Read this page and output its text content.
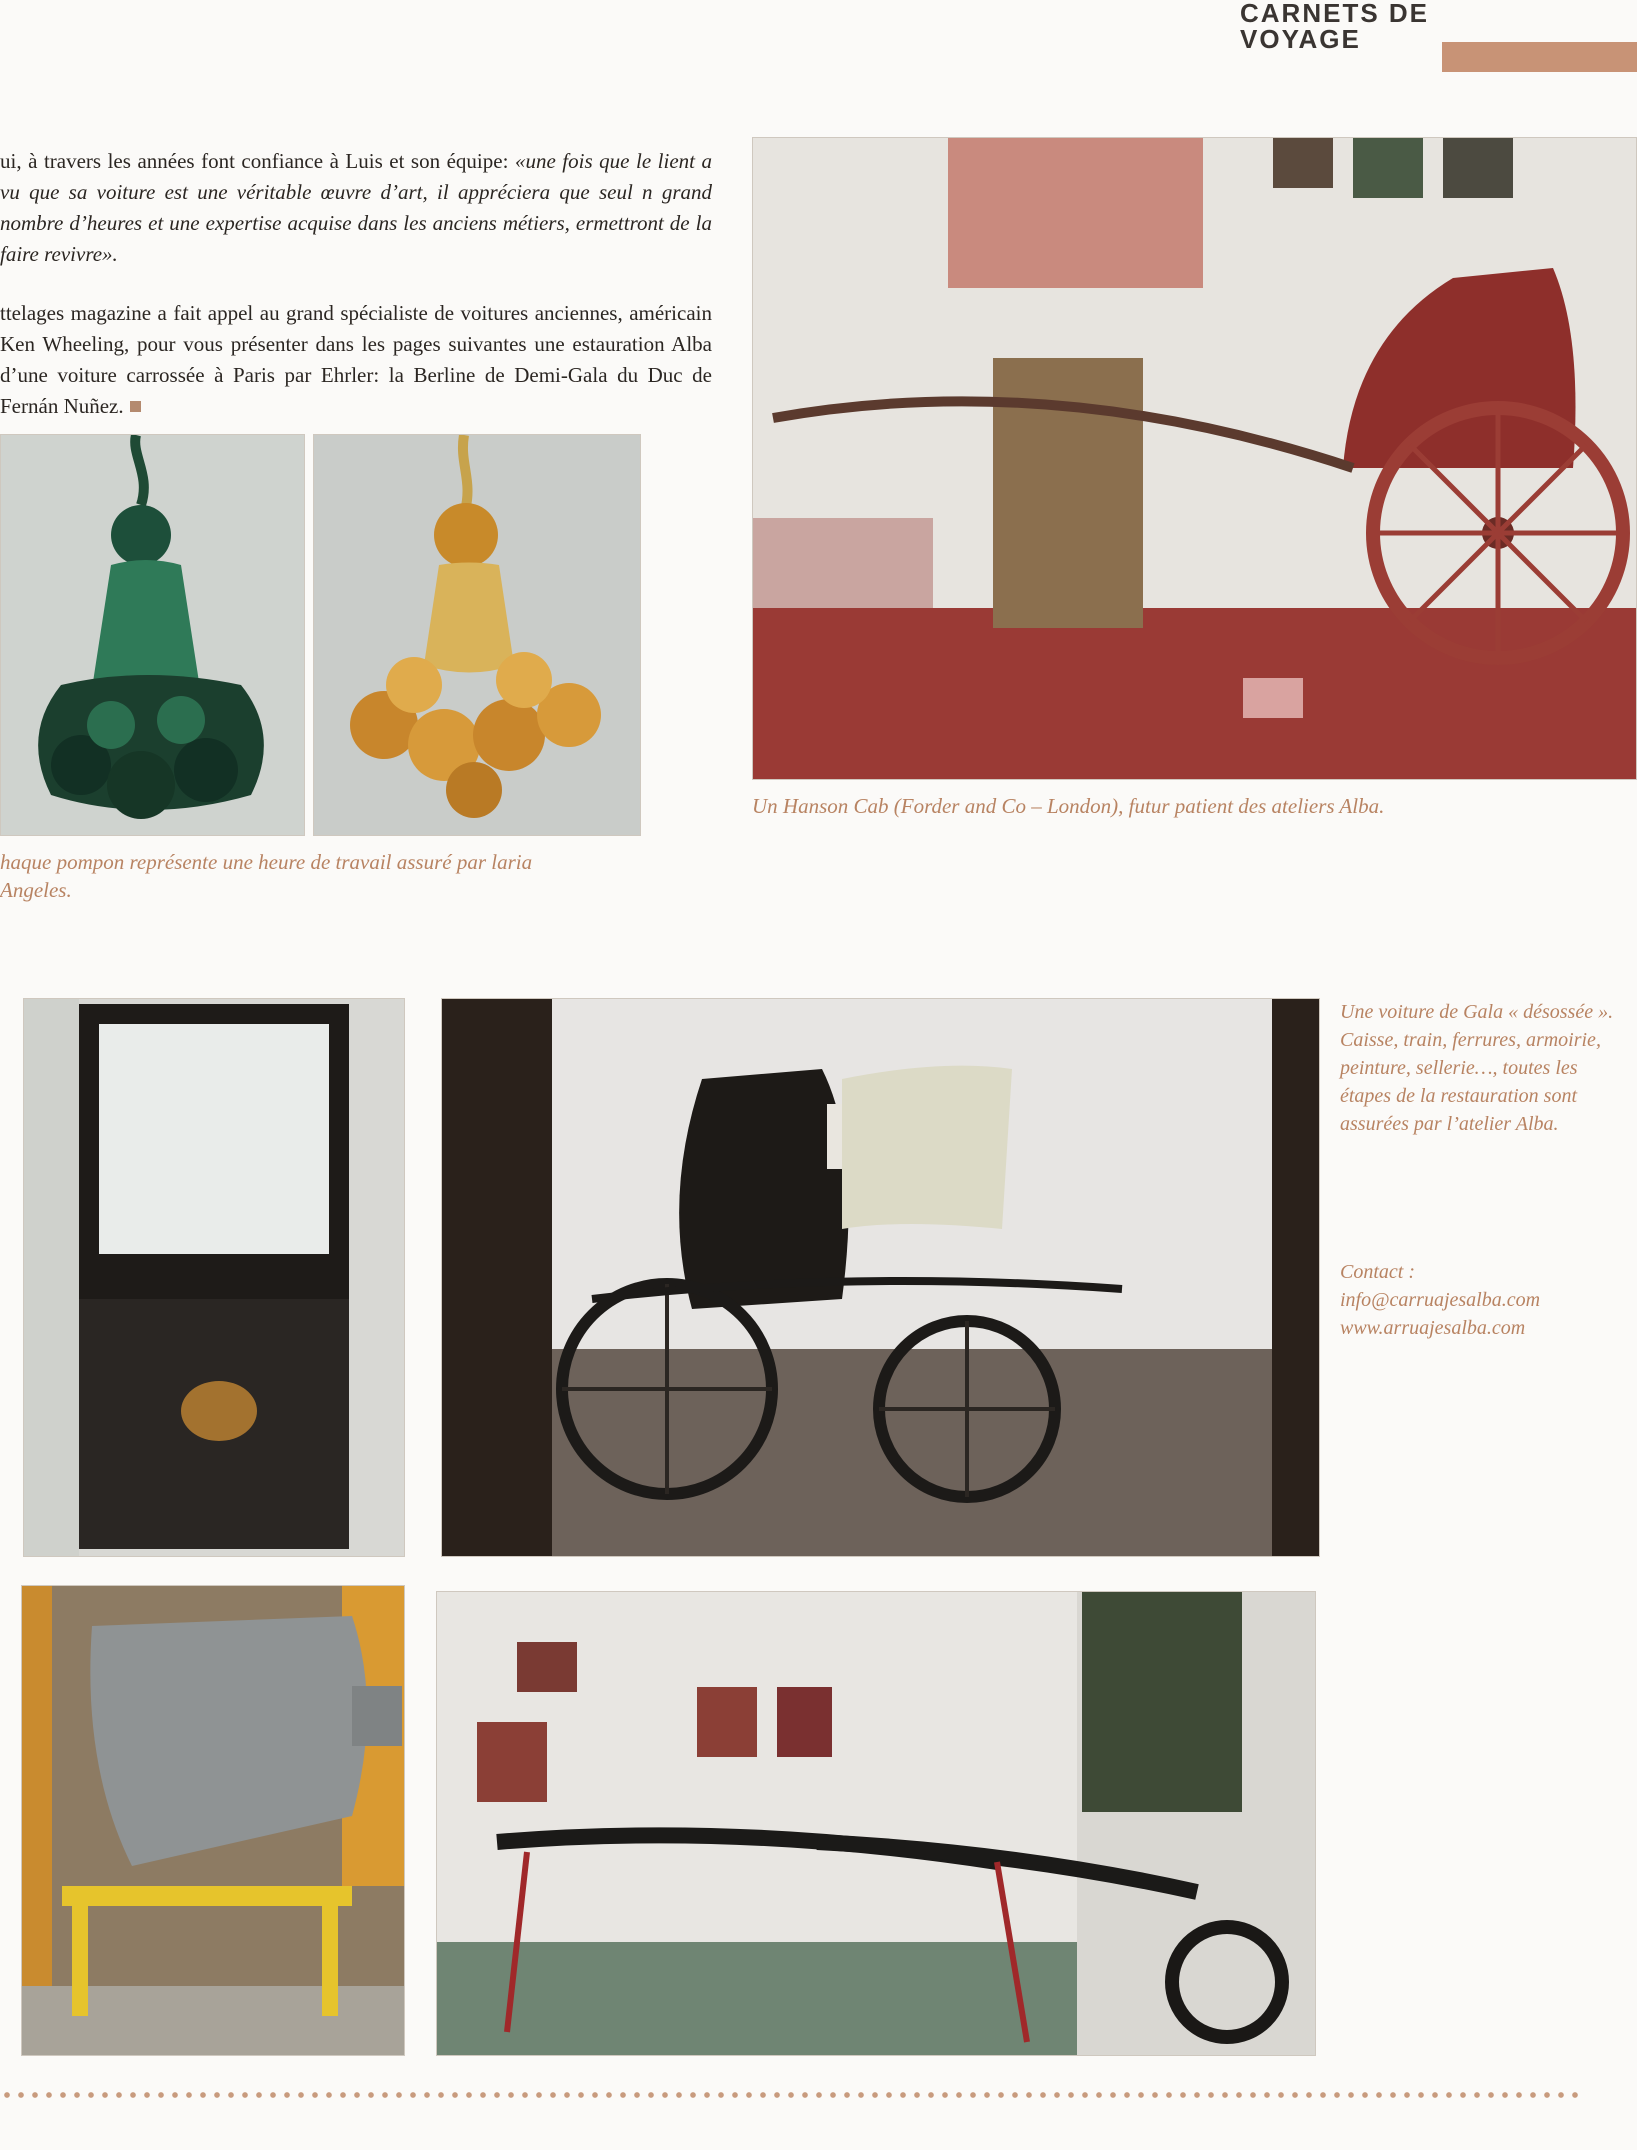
CARNETS DE VOYAGE

ui, à travers les années font confiance à Luis et son équipe: «une fois que le lient a vu que sa voiture est une véritable œuvre d’art, il appréciera que seul n grand nombre d’heures et une expertise acquise dans les anciens métiers, ermettront de la faire revivre».

ttelages magazine a fait appel au grand spécialiste de voitures anciennes, américain Ken Wheeling, pour vous présenter dans les pages suivantes une estauration Alba d’une voiture carrossée à Paris par Ehrler: la Berline de Demi-Gala du Duc de Fernán Nuñez.

haque pompon représente une heure de travail assuré par laria Angeles.

Un Hanson Cab (Forder and Co – London), futur patient des ateliers Alba.

Une voiture de Gala « désossée ». Caisse, train, ferrures, armoirie, peinture, sellerie…, toutes les étapes de la restauration sont assurées par l’atelier Alba.

Contact :

info@carruajesalba.com

www.arruajesalba.com
